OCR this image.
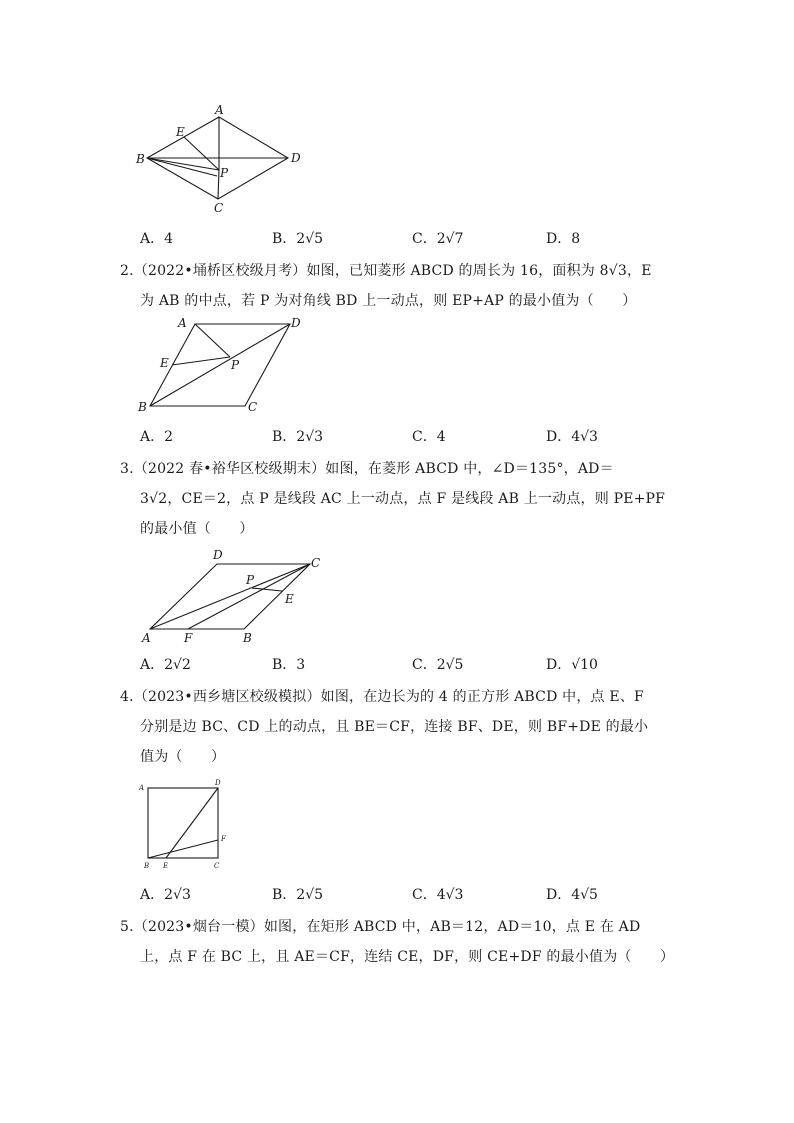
A
B
C
D
E
P
A．4	B．2√5	C．2√7	D．8
2.（2022•埇桥区校级月考）如图，已知菱形 ABCD 的周长为 16，面积为 8√3，E
为 AB 的中点，若 P 为对角线 BD 上一动点，则 EP+AP 的最小值为（　　）
A	D
C
B
E	P
A．2	B．2√3	C．4	D．4√3
3.（2022 春•裕华区校级期末）如图，在菱形 ABCD 中，∠D＝135°，AD＝
3√2，CE＝2，点 P 是线段 AC 上一动点，点 F 是线段 AB 上一动点，则 PE+PF
的最小值（　　）
D
C
B
A	F
P
E
A．2√2	B．3	C．2√5	D．√10
4.（2023•西乡塘区校级模拟）如图，在边长为的 4 的正方形 ABCD 中，点 E、F
分别是边 BC、CD 上的动点，且 BE＝CF，连接 BF、DE，则 BF+DE 的最小
值为（　　）
A
D
C
B E
F
A．2√3	B．2√5	C．4√3	D．4√5
5.（2023•烟台一模）如图，在矩形 ABCD 中，AB＝12，AD＝10，点 E 在 AD
上，点 F 在 BC 上，且 AE＝CF，连结 CE，DF，则 CE+DF 的最小值为（　　）
